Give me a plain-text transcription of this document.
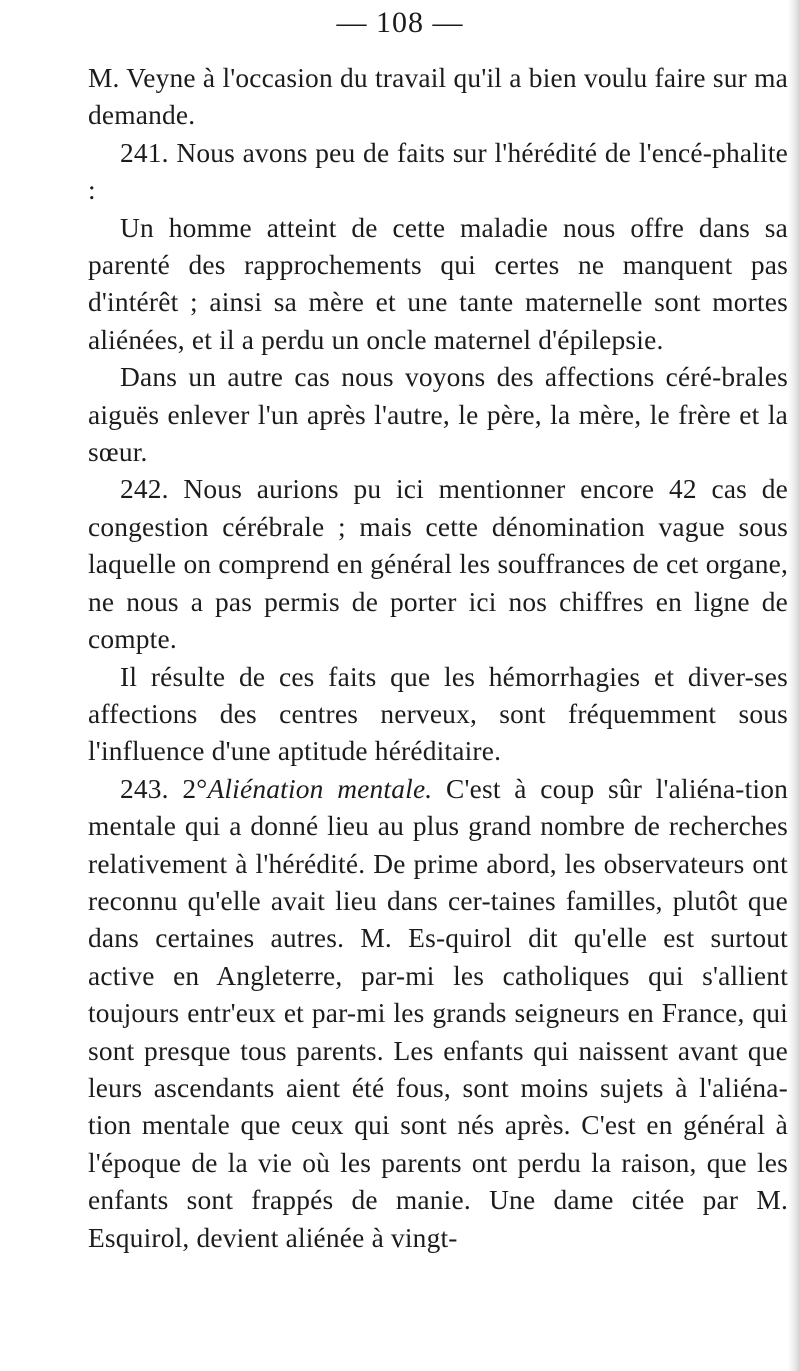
— 108 —

M. Veyne à l'occasion du travail qu'il a bien voulu faire sur ma demande.

241. Nous avons peu de faits sur l'hérédité de l'encé-phalite :

Un homme atteint de cette maladie nous offre dans sa parenté des rapprochements qui certes ne manquent pas d'intérêt ; ainsi sa mère et une tante maternelle sont mortes aliénées, et il a perdu un oncle maternel d'épilepsie.

Dans un autre cas nous voyons des affections céré-brales aiguës enlever l'un après l'autre, le père, la mère, le frère et la sœur.

242. Nous aurions pu ici mentionner encore 42 cas de congestion cérébrale ; mais cette dénomination vague sous laquelle on comprend en général les souffrances de cet organe, ne nous a pas permis de porter ici nos chiffres en ligne de compte.

Il résulte de ces faits que les hémorrhagies et diver-ses affections des centres nerveux, sont fréquemment sous l'influence d'une aptitude héréditaire.

243. 2°Aliénation mentale. C'est à coup sûr l'aliéna-tion mentale qui a donné lieu au plus grand nombre de recherches relativement à l'hérédité. De prime abord, les observateurs ont reconnu qu'elle avait lieu dans cer-taines familles, plutôt que dans certaines autres. M. Es-quirol dit qu'elle est surtout active en Angleterre, par-mi les catholiques qui s'allient toujours entr'eux et par-mi les grands seigneurs en France, qui sont presque tous parents. Les enfants qui naissent avant que leurs ascendants aient été fous, sont moins sujets à l'aliéna-tion mentale que ceux qui sont nés après. C'est en général à l'époque de la vie où les parents ont perdu la raison, que les enfants sont frappés de manie. Une dame citée par M. Esquirol, devient aliénée à vingt-
